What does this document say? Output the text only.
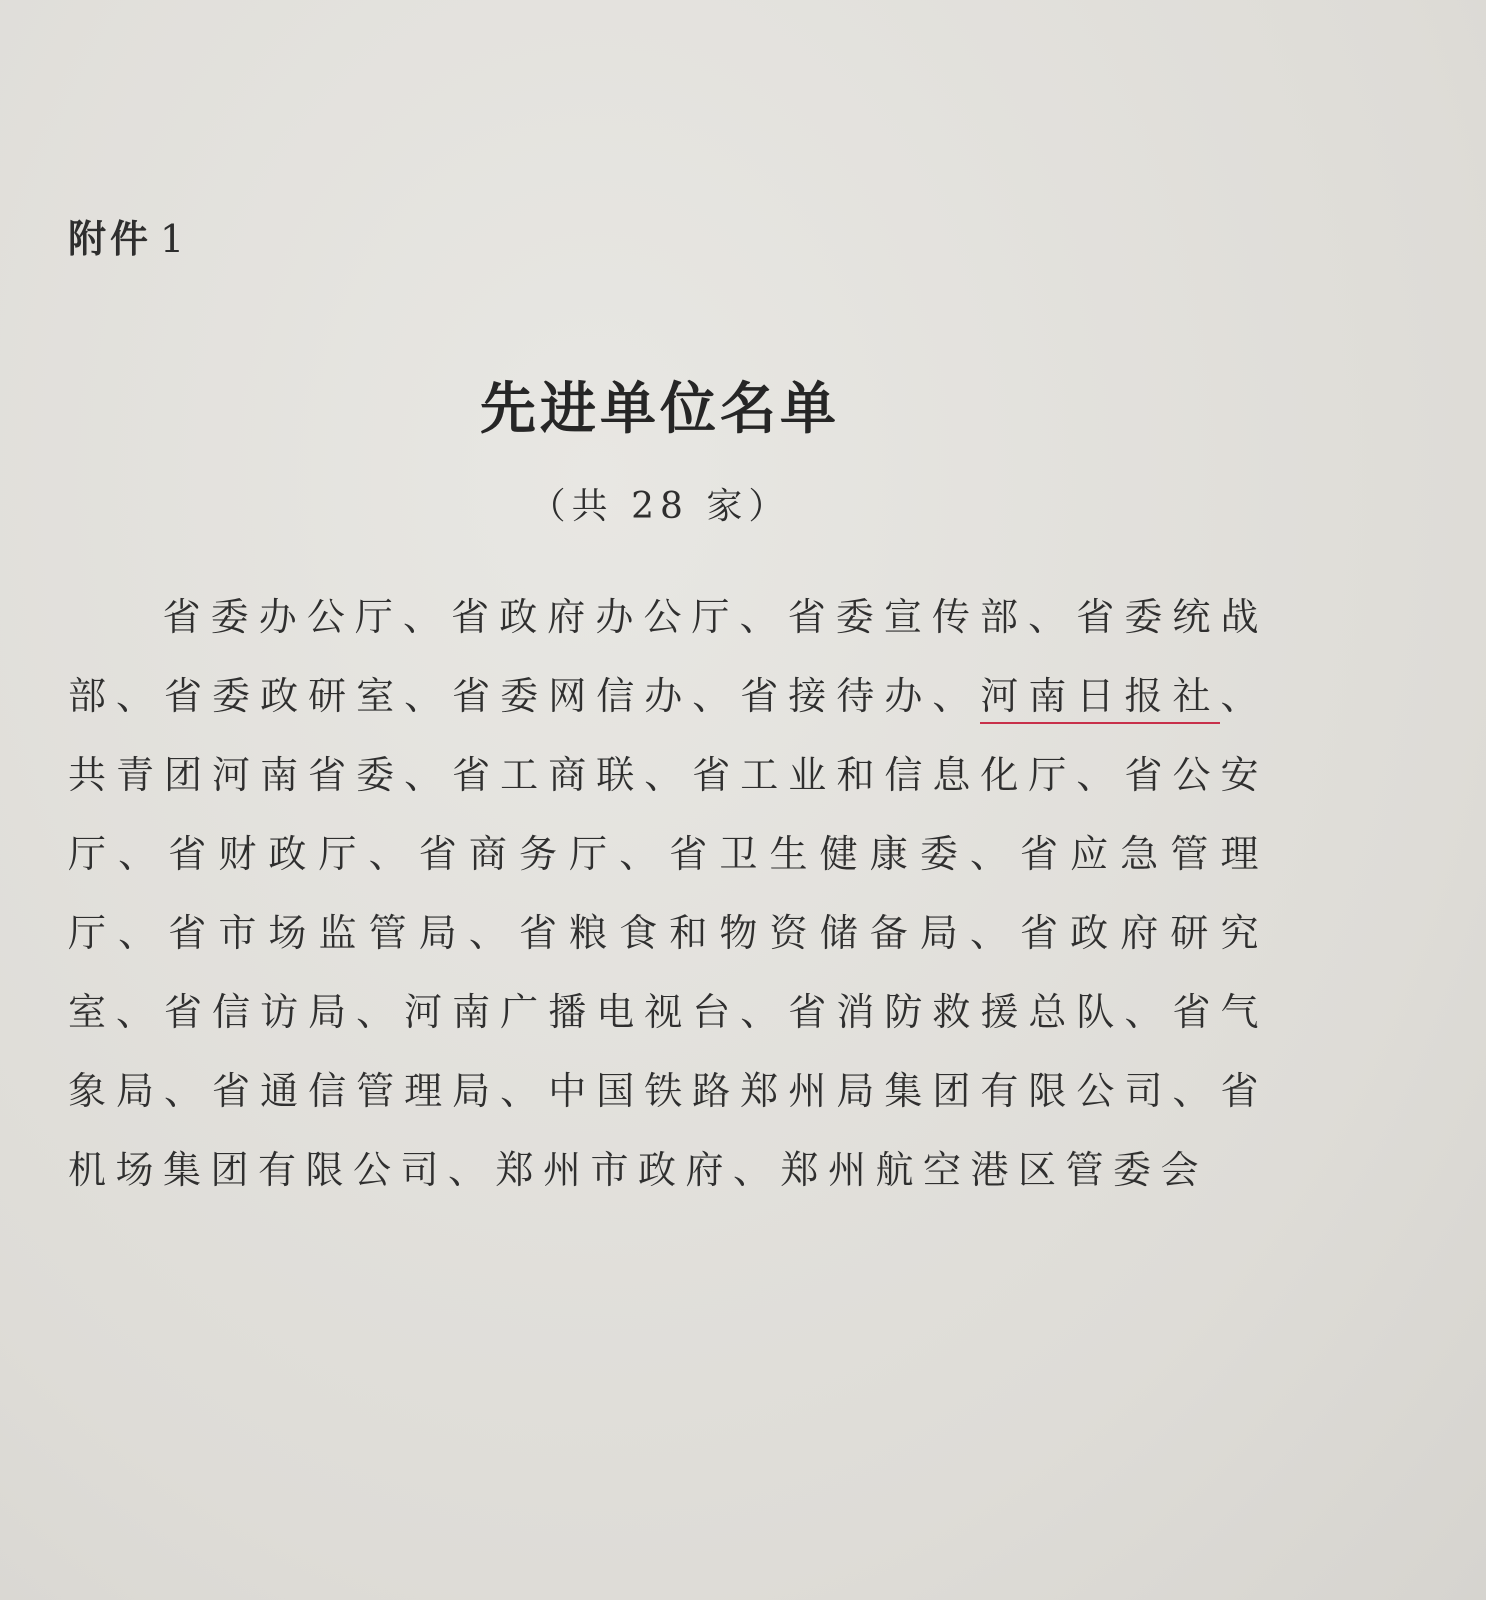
附件 1
先进单位名单
（共 28 家）
省委办公厅、省政府办公厅、省委宣传部、省委统战部、省委政研室、省委网信办、省接待办、河南日报社、共青团河南省委、省工商联、省工业和信息化厅、省公安厅、省财政厅、省商务厅、省卫生健康委、省应急管理厅、省市场监管局、省粮食和物资储备局、省政府研究室、省信访局、河南广播电视台、省消防救援总队、省气象局、省通信管理局、中国铁路郑州局集团有限公司、省机场集团有限公司、郑州市政府、郑州航空港区管委会
